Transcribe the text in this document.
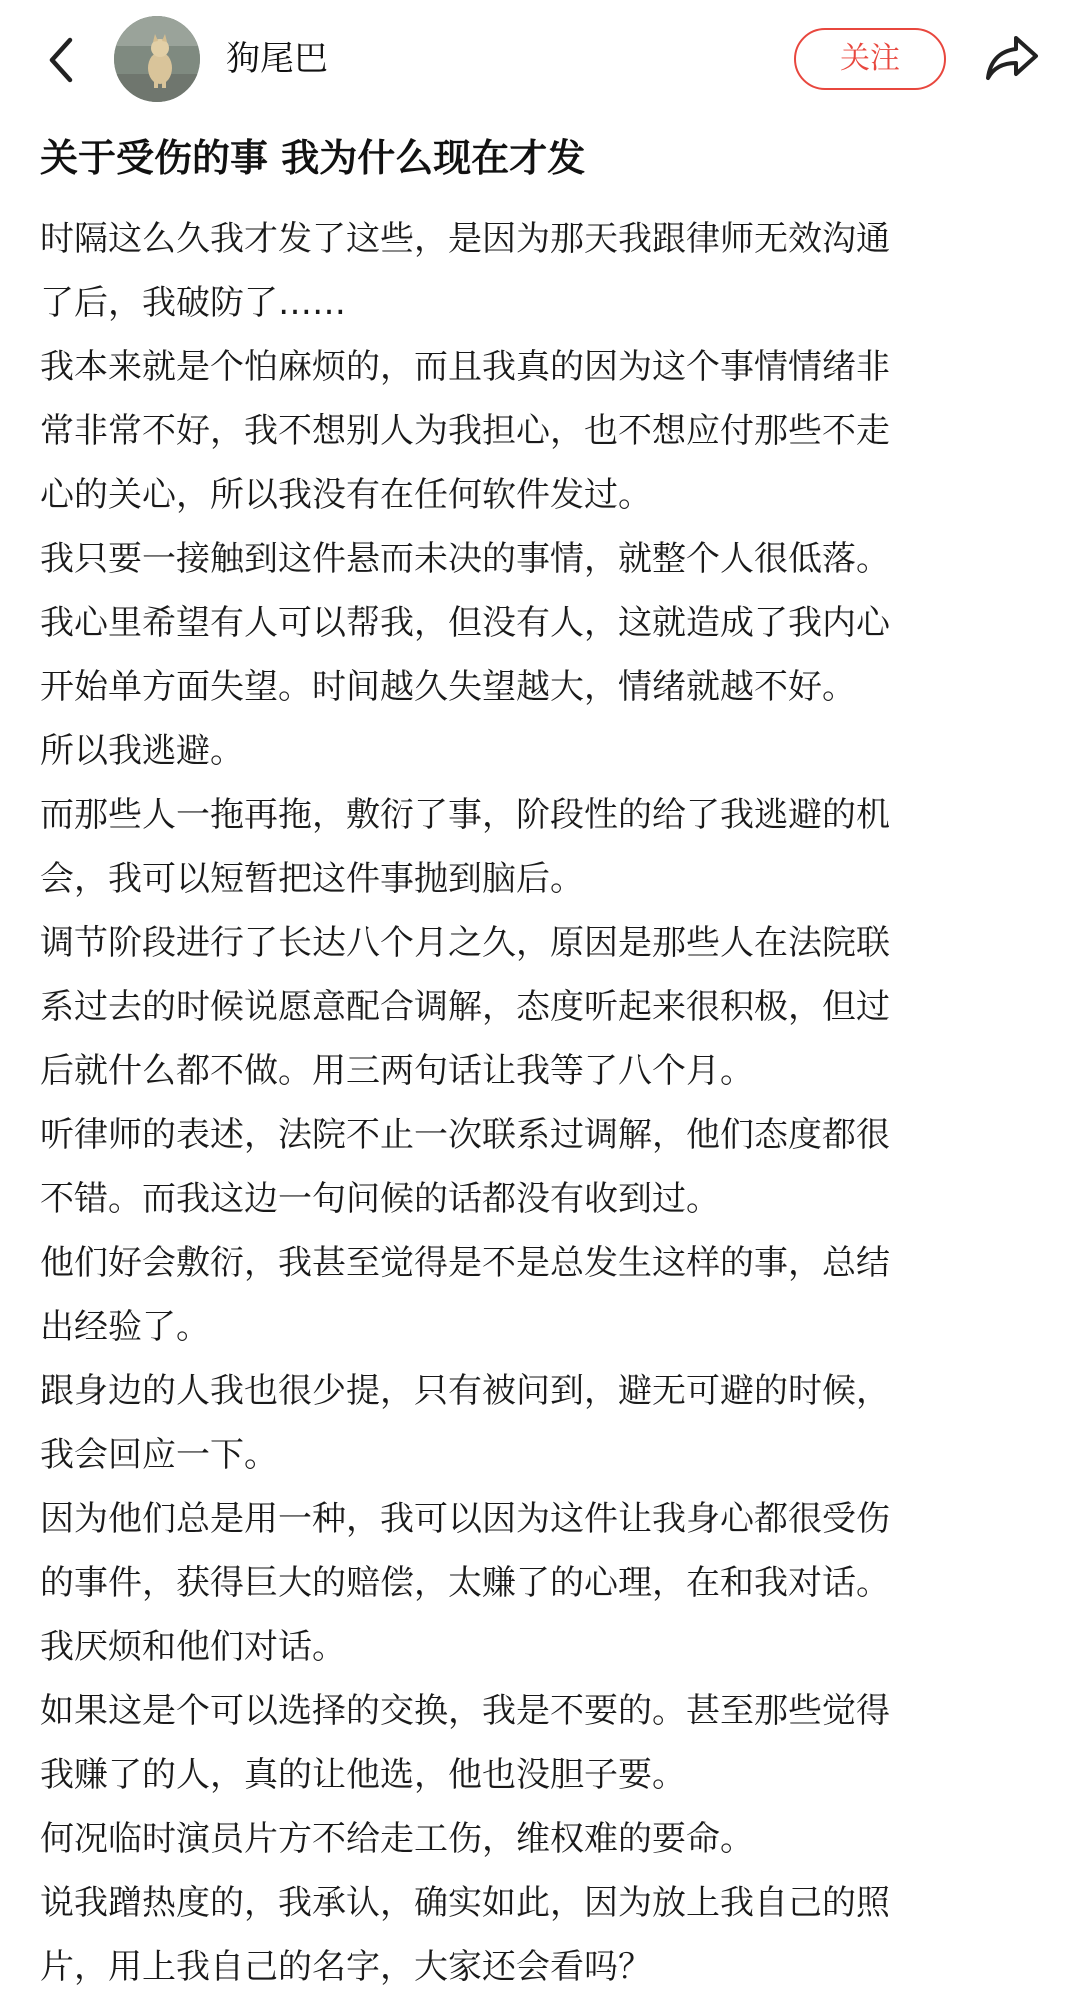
狗尾巴	关注
关于受伤的事 我为什么现在才发

时隔这么久我才发了这些，是因为那天我跟律师无效沟通

了后，我破防了……

我本来就是个怕麻烦的，而且我真的因为这个事情情绪非

常非常不好，我不想别人为我担心，也不想应付那些不走

心的关心，所以我没有在任何软件发过。

我只要一接触到这件悬而未决的事情，就整个人很低落。

我心里希望有人可以帮我，但没有人，这就造成了我内心

开始单方面失望。时间越久失望越大，情绪就越不好。

所以我逃避。

而那些人一拖再拖，敷衍了事，阶段性的给了我逃避的机

会，我可以短暂把这件事抛到脑后。

调节阶段进行了长达八个月之久，原因是那些人在法院联

系过去的时候说愿意配合调解，态度听起来很积极，但过

后就什么都不做。用三两句话让我等了八个月。

听律师的表述，法院不止一次联系过调解，他们态度都很

不错。而我这边一句问候的话都没有收到过。

他们好会敷衍，我甚至觉得是不是总发生这样的事，总结

出经验了。

跟身边的人我也很少提，只有被问到，避无可避的时候，

我会回应一下。

因为他们总是用一种，我可以因为这件让我身心都很受伤

的事件，获得巨大的赔偿，太赚了的心理，在和我对话。

我厌烦和他们对话。

如果这是个可以选择的交换，我是不要的。甚至那些觉得

我赚了的人，真的让他选，他也没胆子要。

何况临时演员片方不给走工伤，维权难的要命。

说我蹭热度的，我承认，确实如此，因为放上我自己的照

片，用上我自己的名字，大家还会看吗？
